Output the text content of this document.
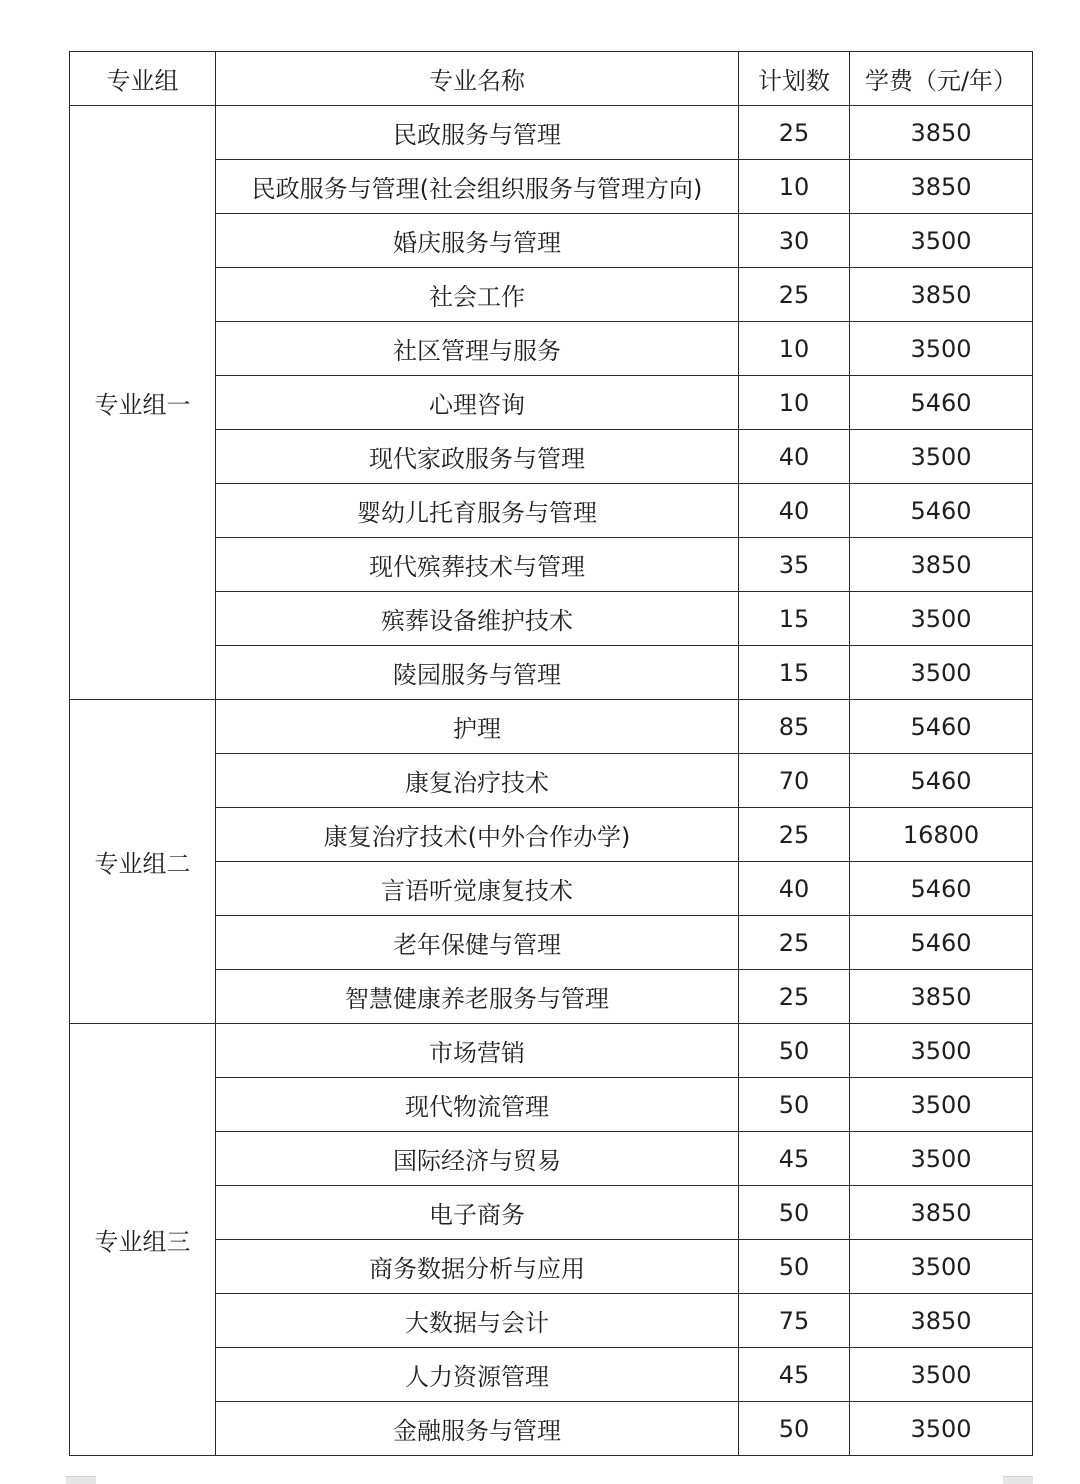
专业组	专业名称	计划数	学费（元/年）
专业组一	民政服务与管理	25	3850
	民政服务与管理(社会组织服务与管理方向)	10	3850
	婚庆服务与管理	30	3500
	社会工作	25	3850
	社区管理与服务	10	3500
	心理咨询	10	5460
	现代家政服务与管理	40	3500
	婴幼儿托育服务与管理	40	5460
	现代殡葬技术与管理	35	3850
	殡葬设备维护技术	15	3500
	陵园服务与管理	15	3500
专业组二	护理	85	5460
	康复治疗技术	70	5460
	康复治疗技术(中外合作办学)	25	16800
	言语听觉康复技术	40	5460
	老年保健与管理	25	5460
	智慧健康养老服务与管理	25	3850
专业组三	市场营销	50	3500
	现代物流管理	50	3500
	国际经济与贸易	45	3500
	电子商务	50	3850
	商务数据分析与应用	50	3500
	大数据与会计	75	3850
	人力资源管理	45	3500
	金融服务与管理	50	3500
